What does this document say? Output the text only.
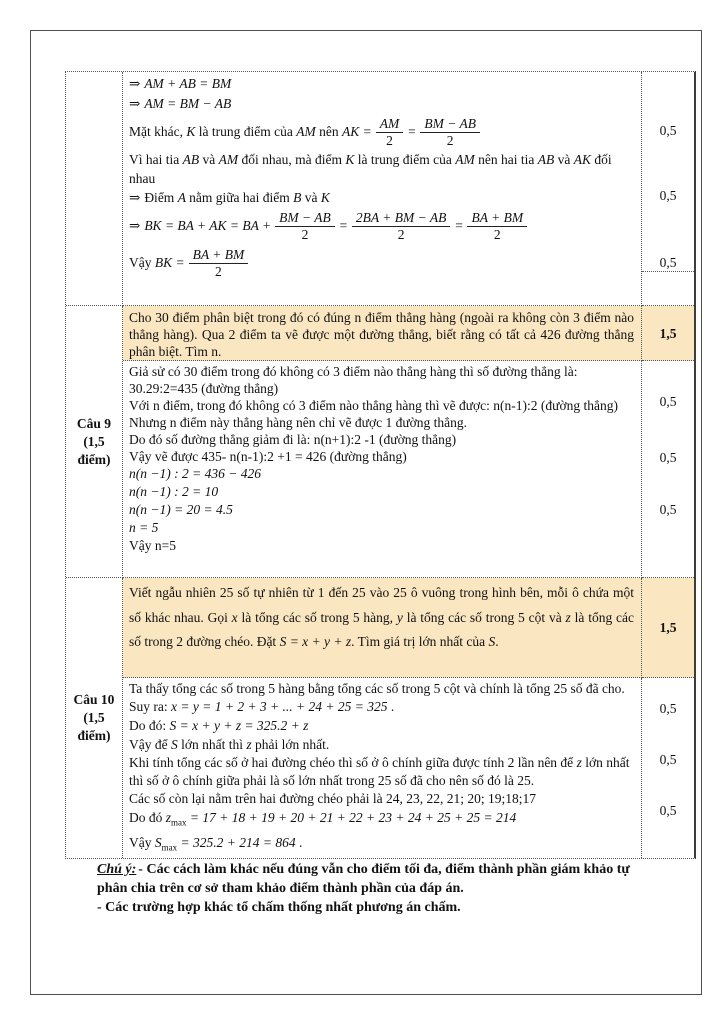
⇒ AM + AB = BM

⇒ AM = BM − AB

Mặt khác, K là trung điểm của AM nên AK = $\frac{AM}{2} = \frac{BM - AB}{2}$

Vì hai tia AB và AM đối nhau, mà điểm K là trung điểm của AM nên hai tia AB và AK đối nhau

⇒ Điểm A nằm giữa hai điểm B và K

⇒ BK = BA + AK = BA + $\frac{BM - AB}{2} = \frac{2BA + BM - AB}{2} = \frac{BA + BM}{2}$

Vậy BK = $\frac{BA + BM}{2}$

0,5
0,5
0,5
Câu 9
(1,5
điểm)
Cho 30 điểm phân biệt trong đó có đúng n điểm thẳng hàng (ngoài ra không còn 3 điểm nào thẳng hàng). Qua 2 điểm ta vẽ được một đường thẳng, biết rằng có tất cả 426 đường thẳng phân biệt. Tìm n.
1,5

Giả sử có 30 điểm trong đó không có 3 điểm nào thẳng hàng thì số đường thẳng là: 30.29:2=435 (đường thẳng)

Với n điểm, trong đó không có 3 điểm nào thẳng hàng thì vẽ được: n(n-1):2 (đường thẳng)

Nhưng n điểm này thẳng hàng nên chỉ vẽ được 1 đường thẳng.

Do đó số đường thẳng giảm đi là: n(n+1):2 -1 (đường thẳng)

Vậy vẽ được 435- n(n-1):2 +1 = 426 (đường thẳng)

n(n −1) : 2 = 436 − 426

n(n −1) : 2 = 10

n(n −1) = 20 = 4.5

n = 5

Vậy n=5

0,5
0,5
0,5
Câu 10
(1,5
điểm)
Viết ngẫu nhiên 25 số tự nhiên từ 1 đến 25 vào 25 ô vuông trong hình bên, mỗi ô chứa một số khác nhau. Gọi x là tổng các số trong 5 hàng, y là tổng các số trong 5 cột và z là tổng các số trong 2 đường chéo. Đặt S = x + y + z. Tìm giá trị lớn nhất của S.
1,5

Ta thấy tổng các số trong 5 hàng bằng tổng các số trong 5 cột và chính là tổng 25 số đã cho. Suy ra: x = y = 1 + 2 + 3 + ... + 24 + 25 = 325 .

Do đó: S = x + y + z = 325.2 + z

Vậy để S lớn nhất thì z phải lớn nhất.

Khi tính tổng các số ở hai đường chéo thì số ở ô chính giữa được tính 2 lần nên để z lớn nhất thì số ở ô chính giữa phải là số lớn nhất trong 25 số đã cho nên số đó là 25.

Các số còn lại nằm trên hai đường chéo phải là 24, 23, 22, 21; 20; 19;18;17

Do đó $z_{max} = 17 + 18 + 19 + 20 + 21 + 22 + 23 + 24 + 25 + 25 = 214$

Vậy $S_{max} = 325.2 + 214 = 864$ .

0,5
0,5
0,5

Chú ý: - Các cách làm khác nếu đúng vẫn cho điểm tối đa, điểm thành phần giám khảo tự phân chia trên cơ sở tham khảo điểm thành phần của đáp án.

- Các trường hợp khác tổ chấm thống nhất phương án chấm.
